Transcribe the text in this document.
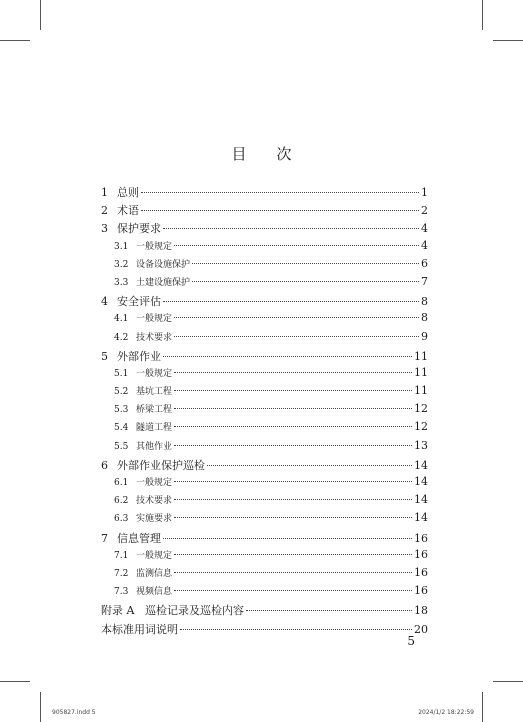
目 次
1 总则	1
2 术语	2
3 保护要求	4
3.1 一般规定	4
3.2 设备设施保护	6
3.3 土建设施保护	7
4 安全评估	8
4.1 一般规定	8
4.2 技术要求	9
5 外部作业	11
5.1 一般规定	11
5.2 基坑工程	11
5.3 桥梁工程	12
5.4 隧道工程	12
5.5 其他作业	13
6 外部作业保护巡检	14
6.1 一般规定	14
6.2 技术要求	14
6.3 实施要求	14
7 信息管理	16
7.1 一般规定	16
7.2 监测信息	16
7.3 视频信息	16
附录 A 巡检记录及巡检内容	18
本标准用词说明	20
5
905827.indd 5	2024/1/2 18:22:59
